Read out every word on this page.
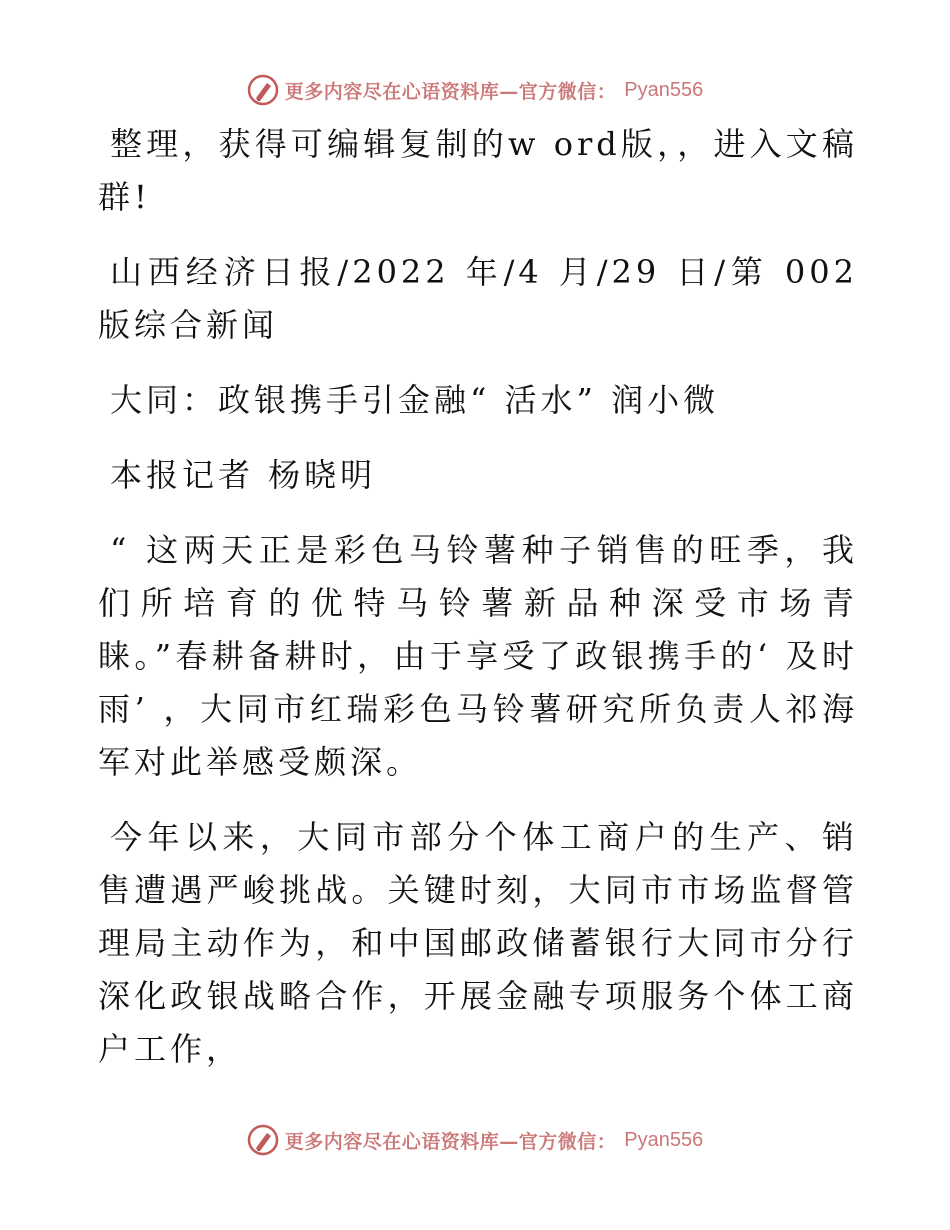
更多内容尽在心语资料库—官方微信： Pyan556

整理，获得可编辑复制的w ord版，，进入文稿群!

山西经济日报/2022 年/4 月/29 日/第 002 版综合新闻

大同：政银携手引金融“ 活水” 润小微

本报记者 杨晓明

“ 这两天正是彩色马铃薯种子销售的旺季，我们所培育的优特马铃薯新品种深受市场青睐。”春耕备耕时，由于享受了政银携手的‘ 及时雨’ ，大同市红瑞彩色马铃薯研究所负责人祁海军对此举感受颇深。

今年以来，大同市部分个体工商户的生产、销售遭遇严峻挑战。关键时刻，大同市市场监督管理局主动作为，和中国邮政储蓄银行大同市分行深化政银战略合作，开展金融专项服务个体工商户工作，

更多内容尽在心语资料库—官方微信： Pyan556
